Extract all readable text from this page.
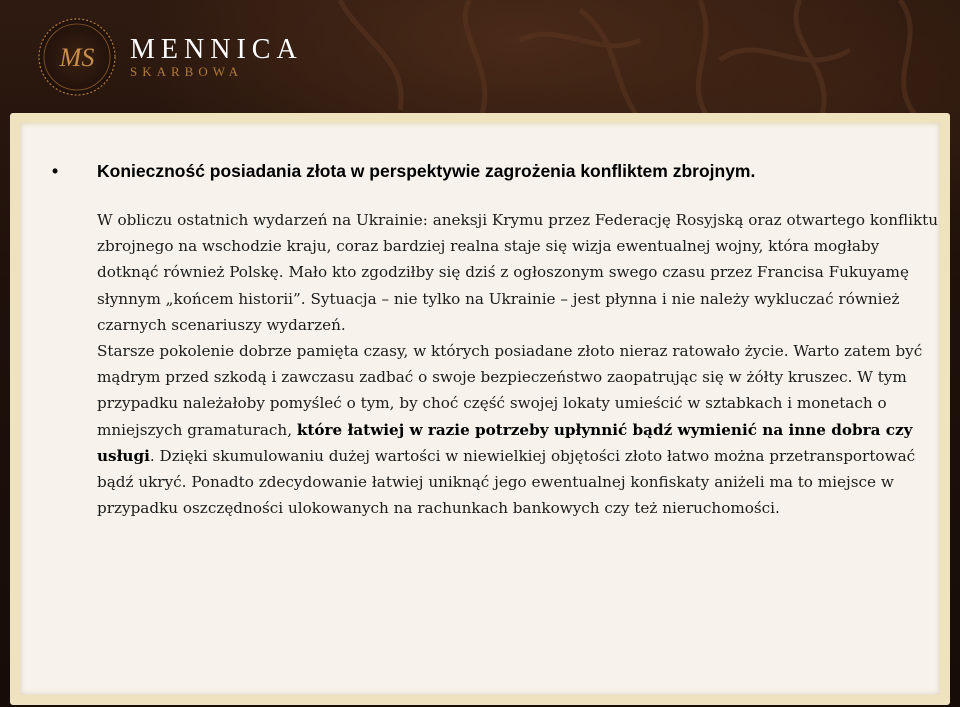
MS MENNICA
SKARBOWA
•	Konieczność posiadania złota w perspektywie zagrożenia konfliktem zbrojnym.

W obliczu ostatnich wydarzeń na Ukrainie: aneksji Krymu przez Federację Rosyjską oraz otwartego konfliktu zbrojnego na wschodzie kraju, coraz bardziej realna staje się wizja ewentualnej wojny, która mogłaby dotknąć również Polskę. Mało kto zgodziłby się dziś z ogłoszonym swego czasu przez Francisa Fukuyamę słynnym „końcem historii”. Sytuacja – nie tylko na Ukrainie – jest płynna i nie należy wykluczać również czarnych scenariuszy wydarzeń.

Starsze pokolenie dobrze pamięta czasy, w których posiadane złoto nieraz ratowało życie. Warto zatem być mądrym przed szkodą i zawczasu zadbać o swoje bezpieczeństwo zaopatrując się w żółty kruszec. W tym przypadku należałoby pomyśleć o tym, by choć część swojej lokaty umieścić w sztabkach i monetach o mniejszych gramaturach, które łatwiej w razie potrzeby upłynnić bądź wymienić na inne dobra czy usługi. Dzięki skumulowaniu dużej wartości w niewielkiej objętości złoto łatwo można przetransportować bądź ukryć. Ponadto zdecydowanie łatwiej uniknąć jego ewentualnej konfiskaty aniżeli ma to miejsce w przypadku oszczędności ulokowanych na rachunkach bankowych czy też nieruchomości.
